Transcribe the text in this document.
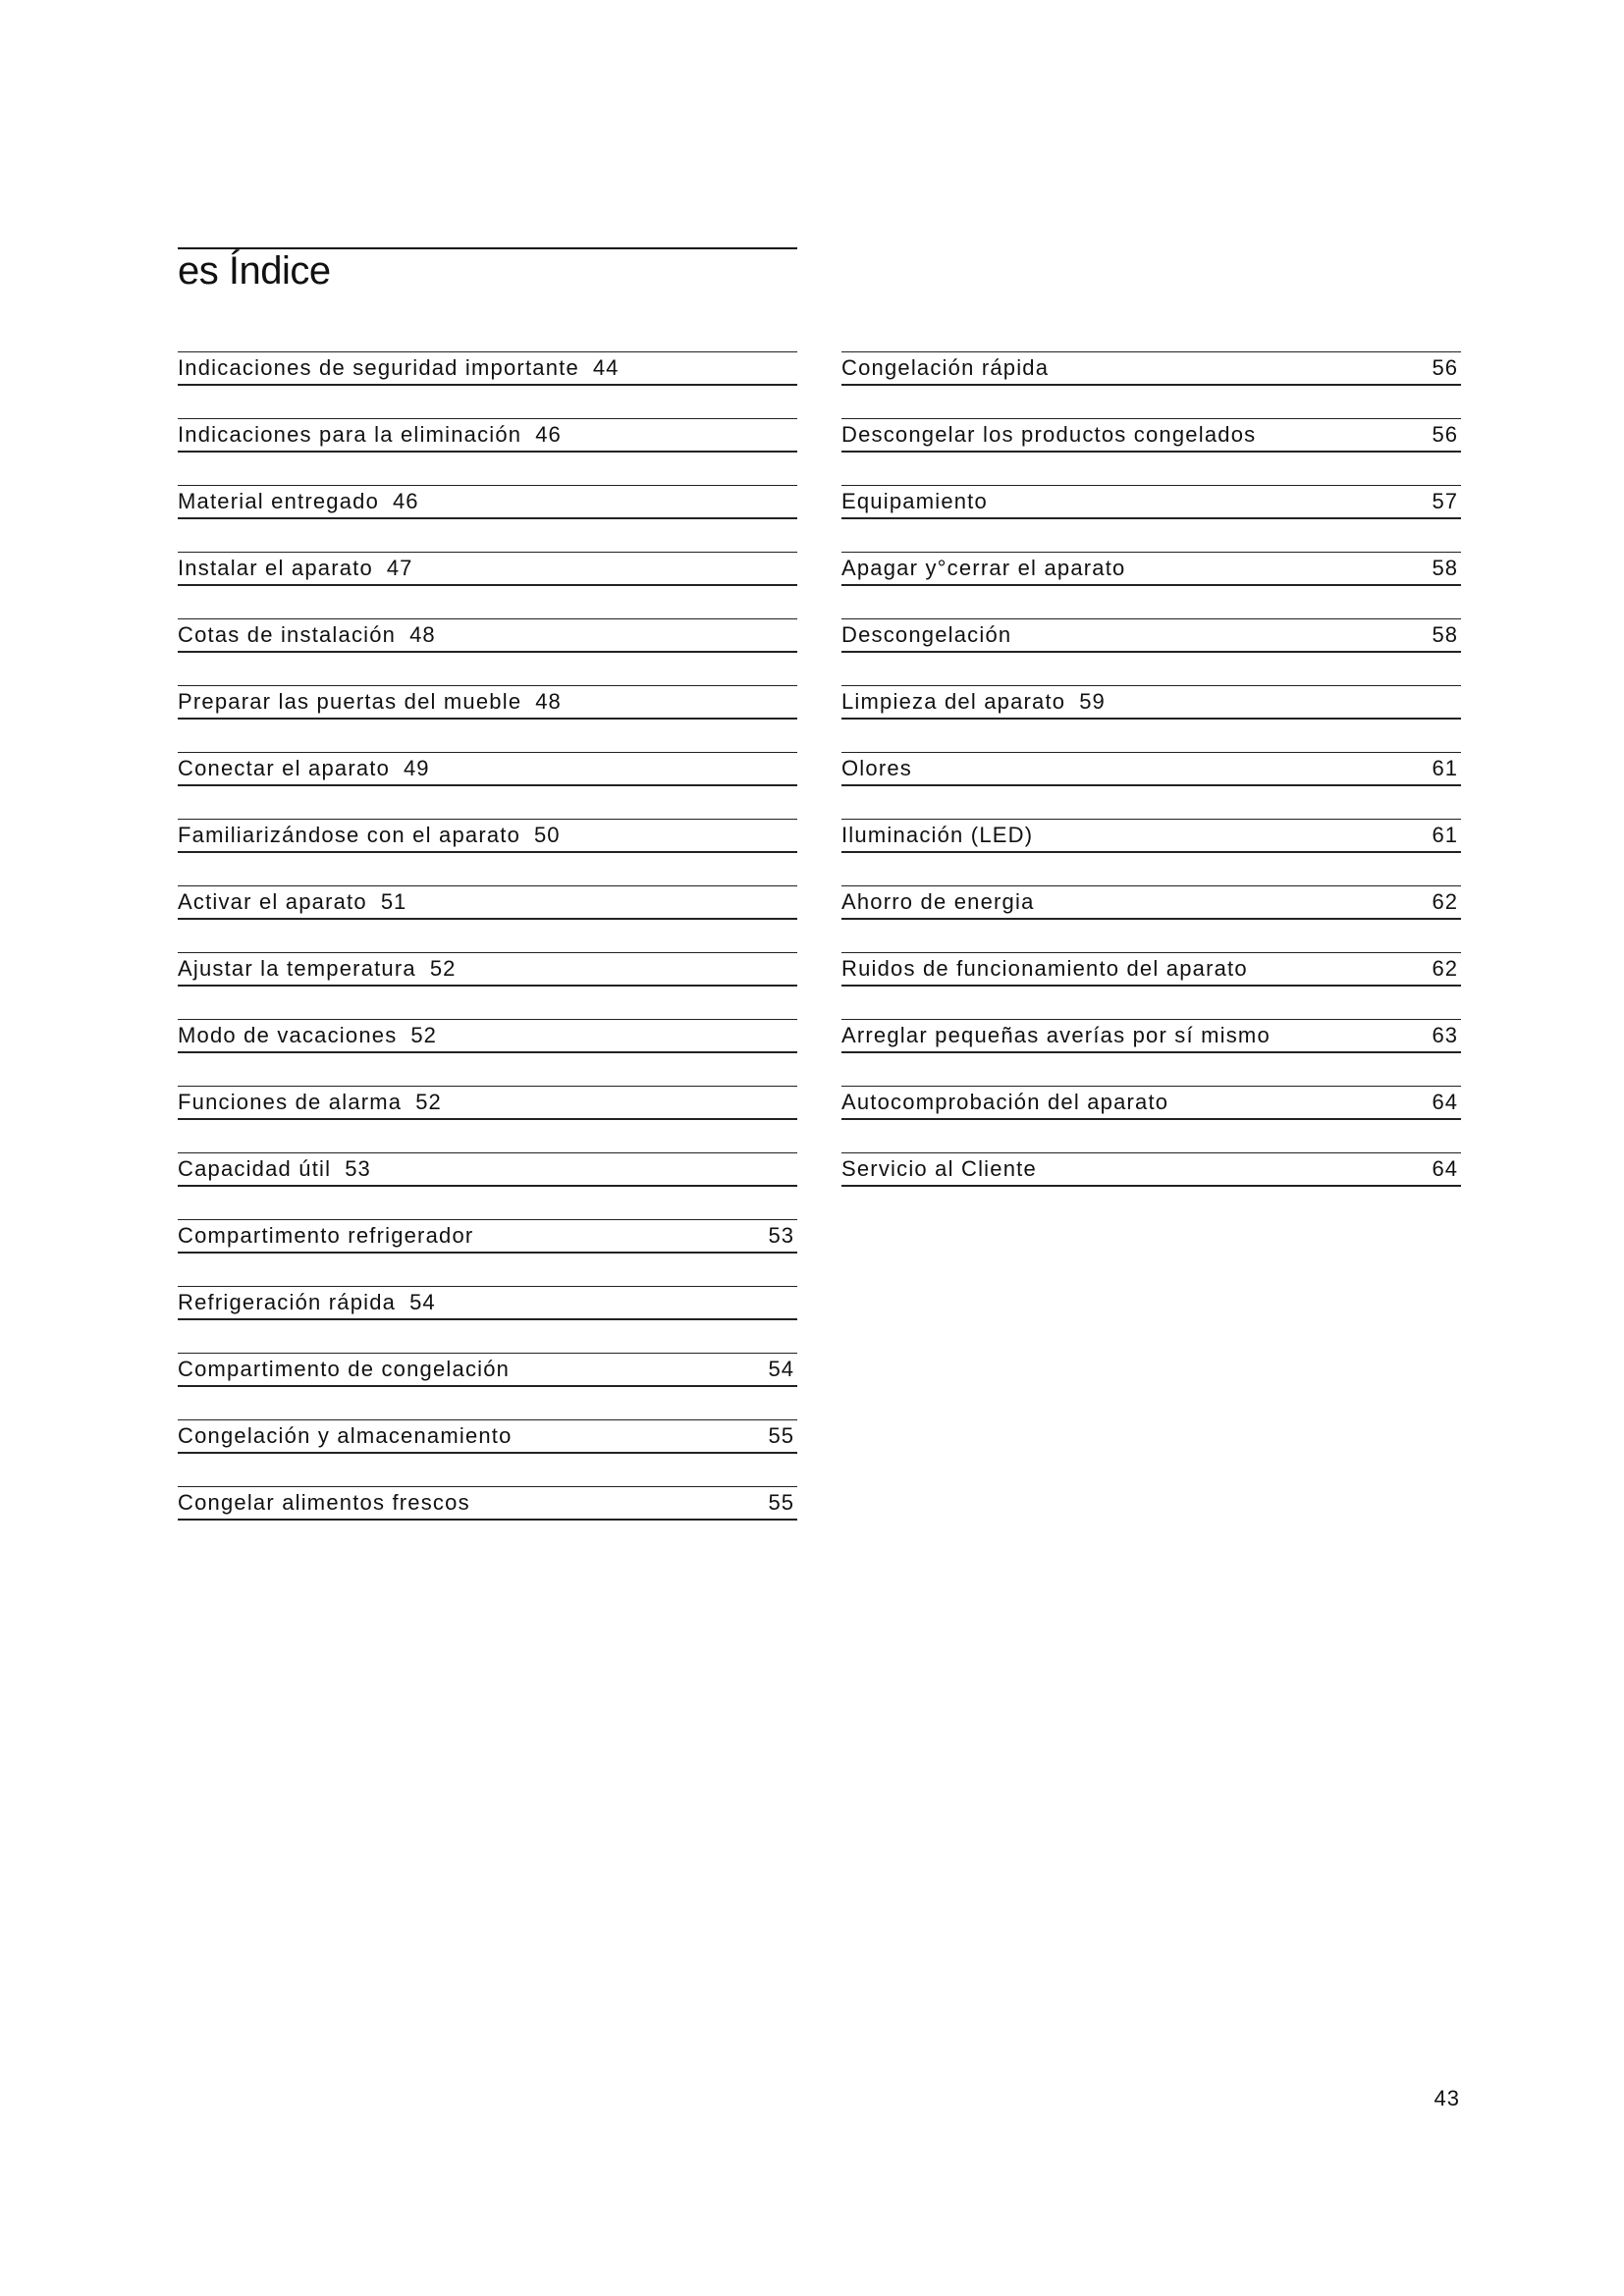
es Índice
Indicaciones de seguridad importante 44
Indicaciones para la eliminación 46
Material entregado 46
Instalar el aparato 47
Cotas de instalación 48
Preparar las puertas del mueble 48
Conectar el aparato 49
Familiarizándose con el aparato 50
Activar el aparato 51
Ajustar la temperatura 52
Modo de vacaciones 52
Funciones de alarma 52
Capacidad útil 53
Compartimento refrigerador	53
Refrigeración rápida 54
Compartimento de congelación	54
Congelación y almacenamiento	55
Congelar alimentos frescos	55
Congelación rápida	56
Descongelar los productos congelados	56
Equipamiento	57
Apagar y°cerrar el aparato	58
Descongelación	58
Limpieza del aparato 59
Olores	61
Iluminación (LED)	61
Ahorro de energia	62
Ruidos de funcionamiento del aparato	62
Arreglar pequeñas averías por sí mismo	63
Autocomprobación del aparato	64
Servicio al Cliente	64
43
